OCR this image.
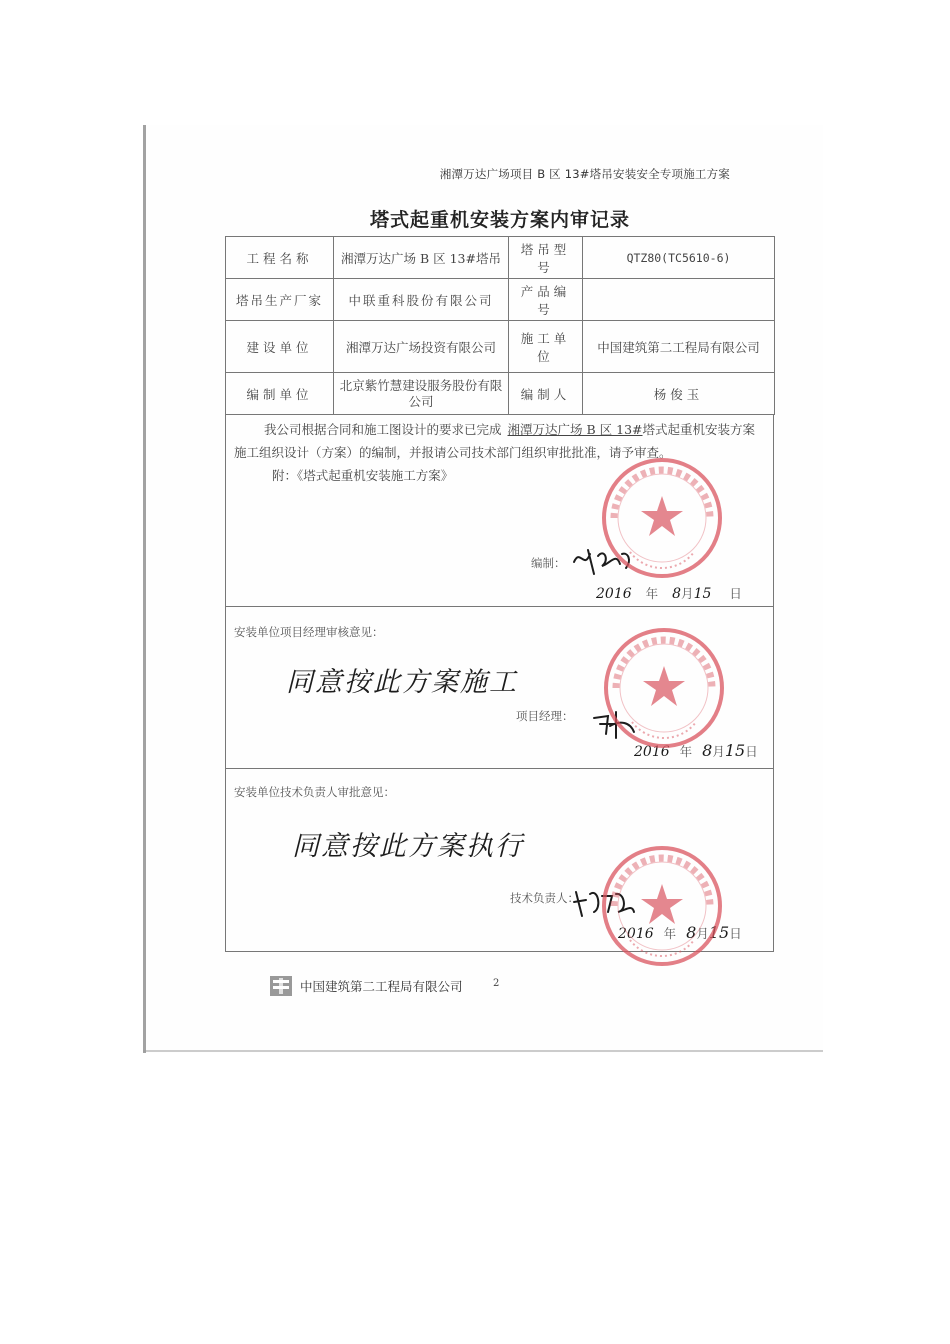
湘潭万达广场项目 B 区 13#塔吊安装安全专项施工方案
塔式起重机安装方案内审记录
工程名称	湘潭万达广场 B 区 13#塔吊	塔吊型号	QTZ80(TC5610-6)
塔吊生产厂家	中联重科股份有限公司	产品编号	
建设单位	湘潭万达广场投资有限公司	施工单位	中国建筑第二工程局有限公司
编制单位	北京紫竹慧建设服务股份有限公司	编制人	杨俊玉
我公司根据合同和施工图设计的要求已完成 湘潭万达广场 B 区 13#塔式起重机安装方案
施工组织设计（方案）的编制，并报请公司技术部门组织审批批准，请予审查。
附：《塔式起重机安装施工方案》
编制：
2016 年 8月15 日
安装单位项目经理审核意见：
同意按此方案施工
项目经理：
2016 年 8月15日
安装单位技术负责人审批意见：
同意按此方案执行
技术负责人：
2016 年 8月15日
中国建筑第二工程局有限公司	2
